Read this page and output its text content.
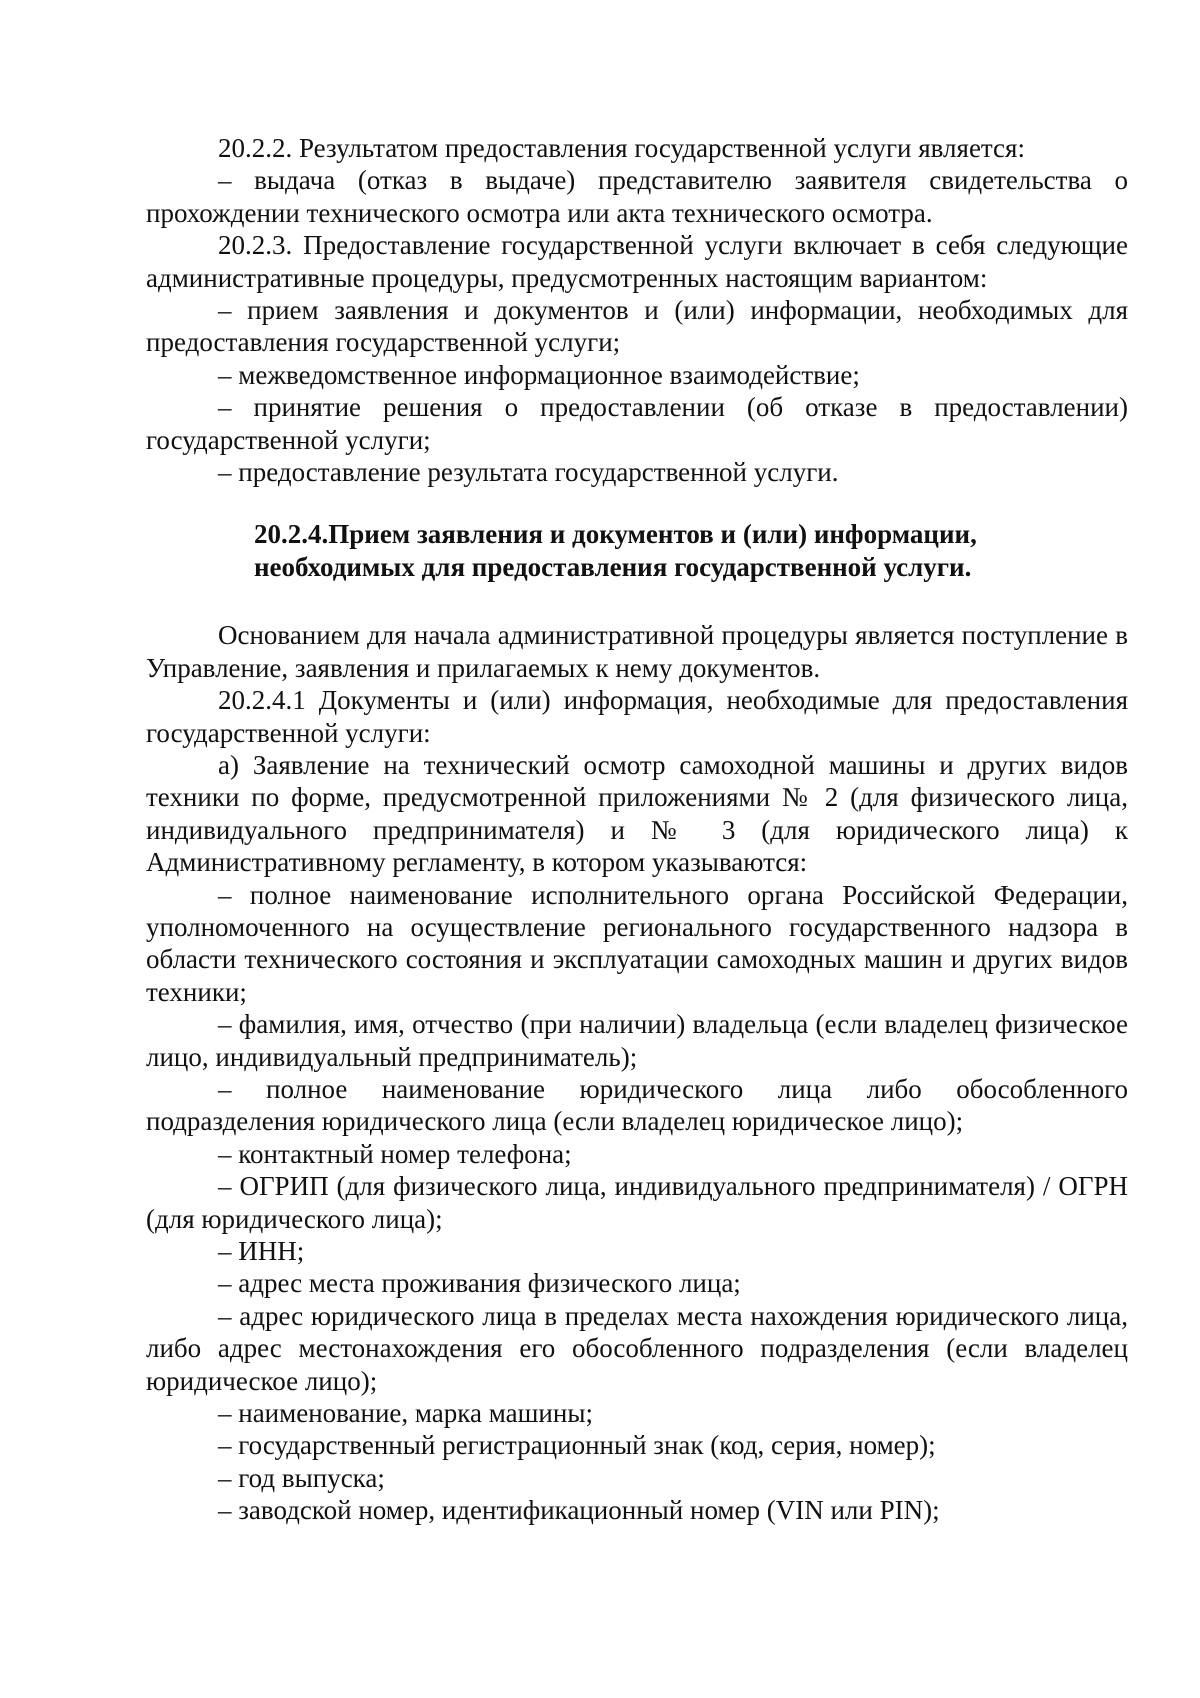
20.2.2. Результатом предоставления государственной услуги является:

– выдача (отказ в выдаче) представителю заявителя свидетельства о прохождении технического осмотра или акта технического осмотра.

20.2.3. Предоставление государственной услуги включает в себя следующие административные процедуры, предусмотренных настоящим вариантом:

– прием заявления и документов и (или) информации, необходимых для предоставления государственной услуги;

– межведомственное информационное взаимодействие;

– принятие решения о предоставлении (об отказе в предоставлении) государственной услуги;

– предоставление результата государственной услуги.

20.2.4.Прием заявления и документов и (или) информации,
необходимых для предоставления государственной услуги.

Основанием для начала административной процедуры является поступление в Управление, заявления и прилагаемых к нему документов.

20.2.4.1 Документы и (или) информация, необходимые для предоставления государственной услуги:

а) Заявление на технический осмотр самоходной машины и других видов техники по форме, предусмотренной приложениями № 2 (для физического лица, индивидуального предпринимателя) и № 3 (для юридического лица) к Административному регламенту, в котором указываются:

– полное наименование исполнительного органа Российской Федерации, уполномоченного на осуществление регионального государственного надзора в области технического состояния и эксплуатации самоходных машин и других видов техники;

– фамилия, имя, отчество (при наличии) владельца (если владелец физическое лицо, индивидуальный предприниматель);

– полное наименование юридического лица либо обособленного подразделения юридического лица (если владелец юридическое лицо);

– контактный номер телефона;

– ОГРИП (для физического лица, индивидуального предпринимателя) / ОГРН (для юридического лица);

– ИНН;

– адрес места проживания физического лица;

– адрес юридического лица в пределах места нахождения юридического лица, либо адрес местонахождения его обособленного подразделения (если владелец юридическое лицо);

– наименование, марка машины;

– государственный регистрационный знак (код, серия, номер);

– год выпуска;

– заводской номер, идентификационный номер (VIN или PIN);
